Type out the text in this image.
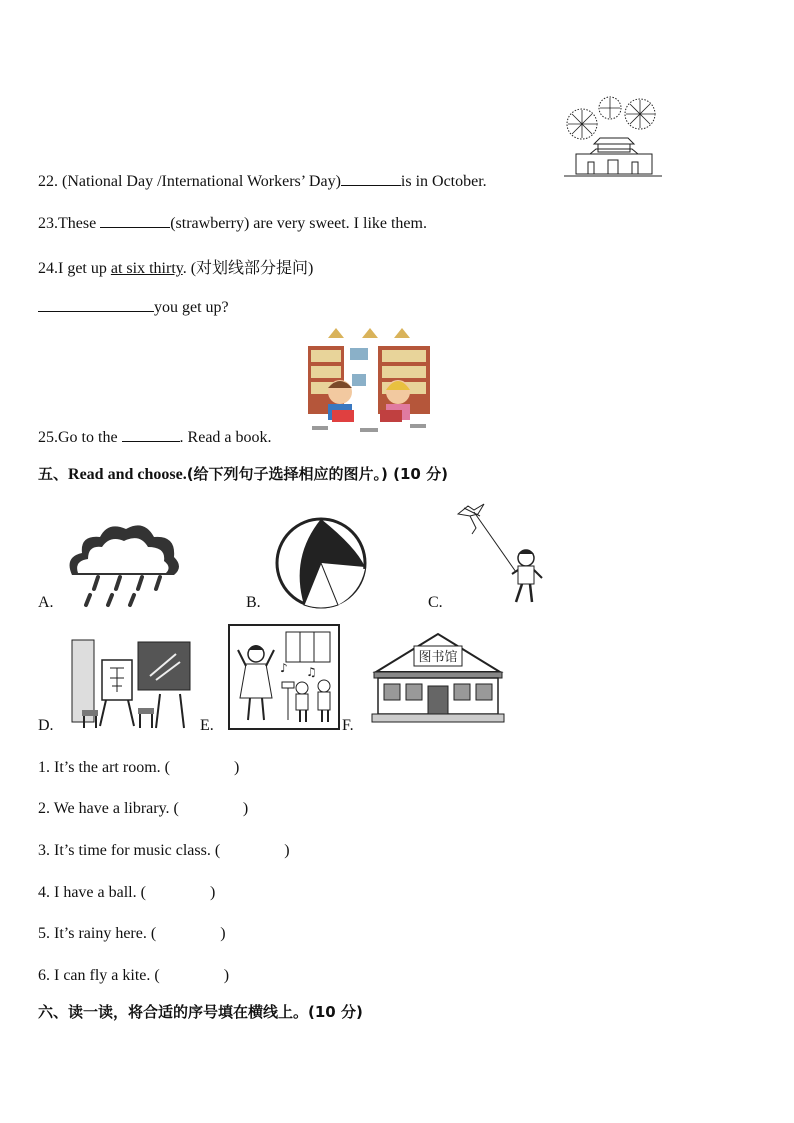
22. (National Day /International Workers’ Day)	is in October.
23.These	(strawberry) are very sweet. I like them.
24.I get up at six thirty. (对划线部分提问)
you get up?
25.Go to the	. Read a book.
五、Read and choose.(给下列句子选择相应的图片。) (10 分)
A.	B.	C.
D.	E.
♪ ♫
F.
图书馆
1. It’s the art room. (　　　　)
2. We have a library. (　　　　)
3. It’s time for music class. (　　　　)
4. I have a ball. (　　　　)
5. It’s rainy here. (　　　　)
6. I can fly a kite. (　　　　)
六、读一读，将合适的序号填在横线上。(10 分)
